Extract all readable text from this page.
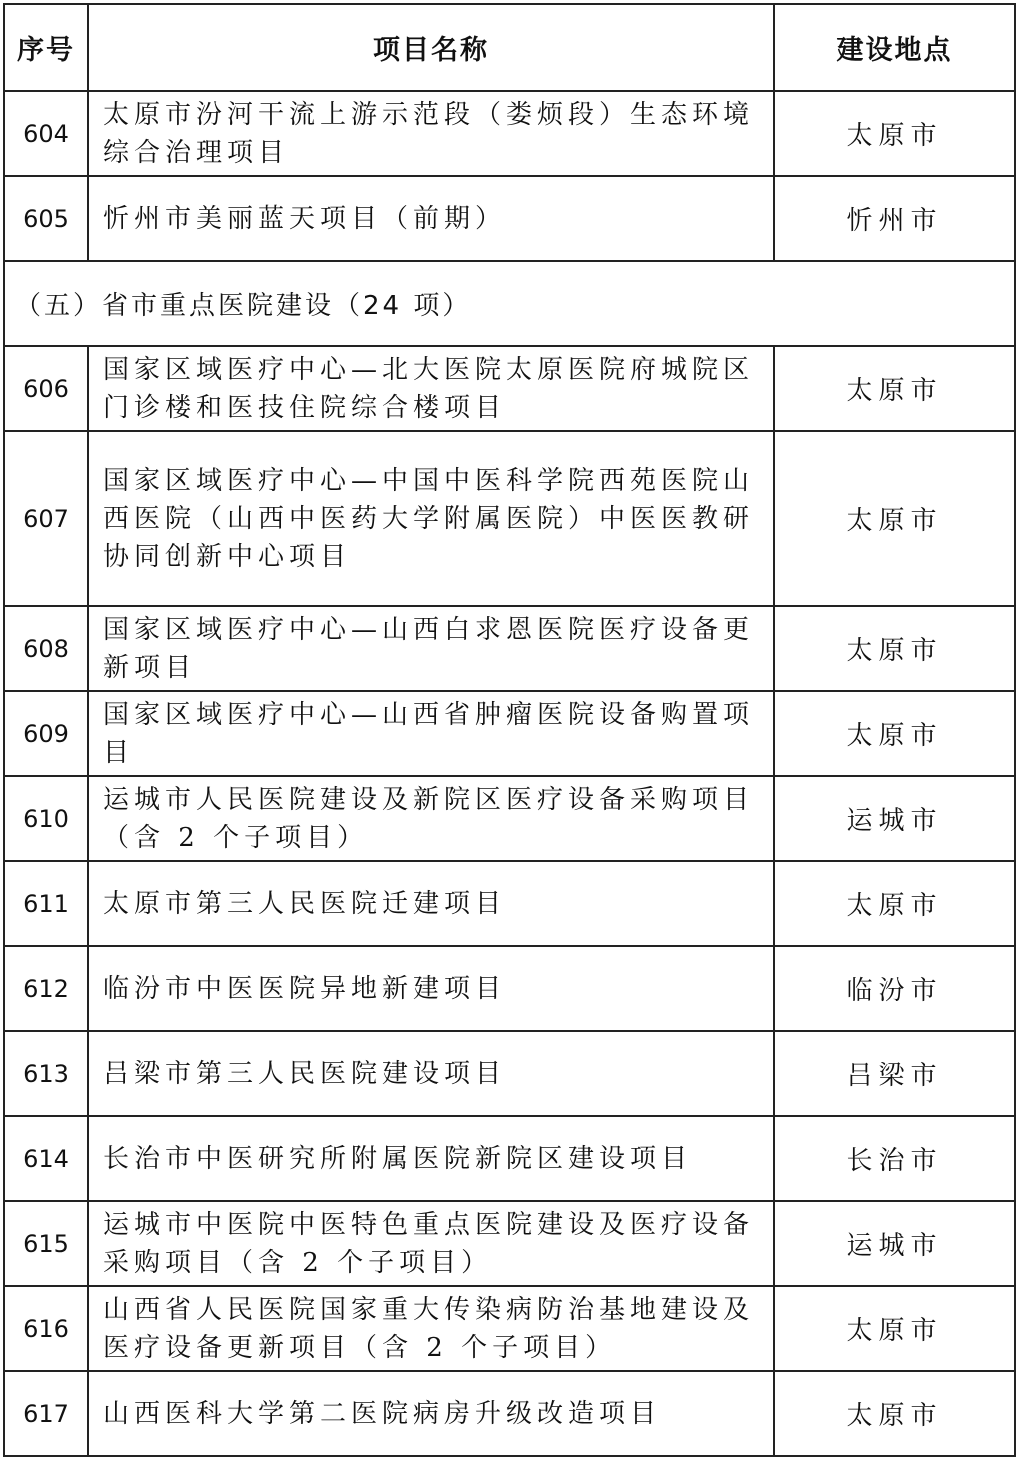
序号	项目名称	建设地点
604	太原市汾河干流上游示范段（娄烦段）生态环境综合治理项目	太原市
605	忻州市美丽蓝天项目（前期）	忻州市
（五）省市重点医院建设（24 项）		
606	国家区域医疗中心—北大医院太原医院府城院区门诊楼和医技住院综合楼项目	太原市
607	国家区域医疗中心—中国中医科学院西苑医院山西医院（山西中医药大学附属医院）中医医教研协同创新中心项目	太原市
608	国家区域医疗中心—山西白求恩医院医疗设备更新项目	太原市
609	国家区域医疗中心—山西省肿瘤医院设备购置项目	太原市
610	运城市人民医院建设及新院区医疗设备采购项目（含 2 个子项目）	运城市
611	太原市第三人民医院迁建项目	太原市
612	临汾市中医医院异地新建项目	临汾市
613	吕梁市第三人民医院建设项目	吕梁市
614	长治市中医研究所附属医院新院区建设项目	长治市
615	运城市中医院中医特色重点医院建设及医疗设备采购项目（含 2 个子项目）	运城市
616	山西省人民医院国家重大传染病防治基地建设及医疗设备更新项目（含 2 个子项目）	太原市
617	山西医科大学第二医院病房升级改造项目	太原市
